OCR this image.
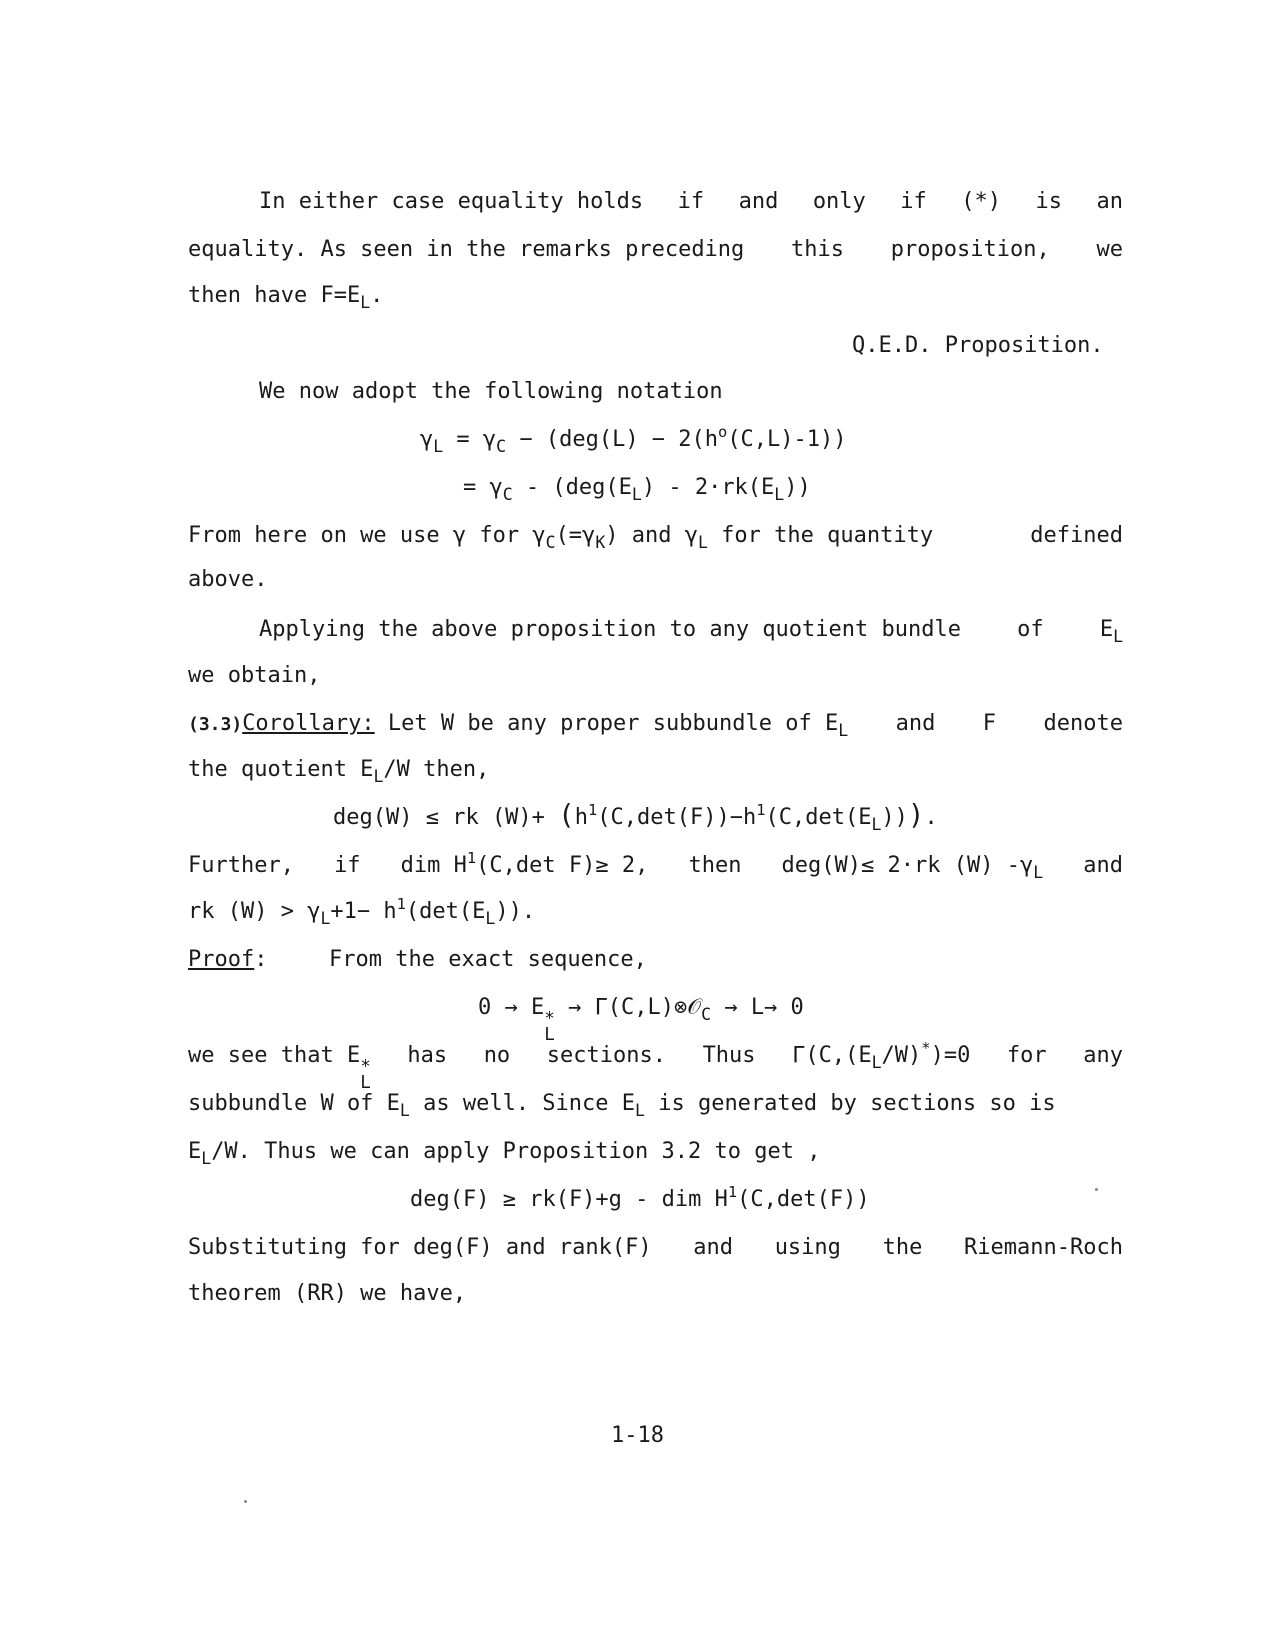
In either case equality holds if and only if (*) is an
equality. As seen in the remarks preceding this proposition, we
then have $F=E_L$.
Q.E.D. Proposition.
We now adopt the following notation
$\gamma_L = \gamma_C - (deg(L) - 2(h^o(C,L)-1))$
= $\gamma_C - (deg(E_L) - 2\cdot rk(E_L))$
From here on we use γ for $\gamma_C(=\gamma_K)$ and $\gamma_L$ for the quantity	defined
above.
Applying the above proposition to any quotient bundle	of	$E_L$
we obtain,
(3.3)Corollary: Let W be any proper subbundle of $E_L$ and F denote
the quotient $E_L/W$ then,
deg(W) ≤ rk $(W)+ (h^1(C,\det(F))-h^1(C,\det(E_L)))$.
Further, if dim $H^1(C,\det$ F)≥ 2, then deg(W)≤ 2·rk (W) $-\gamma_L$ and
rk $(W) > \gamma_L+1- h^1(\det(E_L))$.
Proof:	From the exact sequence,
0 → E *
L
→ Γ(C,L)⊗𝒪$_C$ → L→ 0
we see that E *
L
has no sections. Thus $\Gamma(C,(E_L/W)^*)=0$ for any
subbundle W of $E_L$ as well. Since $E_L$ is generated by sections so is
$E_L/W$. Thus we can apply Proposition 3.2 to get ,
deg(F) ≥ rk(F)+g - dim $H^1(C,\det(F))$
Substituting for deg(F) and rank(F) and using the Riemann-Roch
theorem (RR) we have,
1-18
